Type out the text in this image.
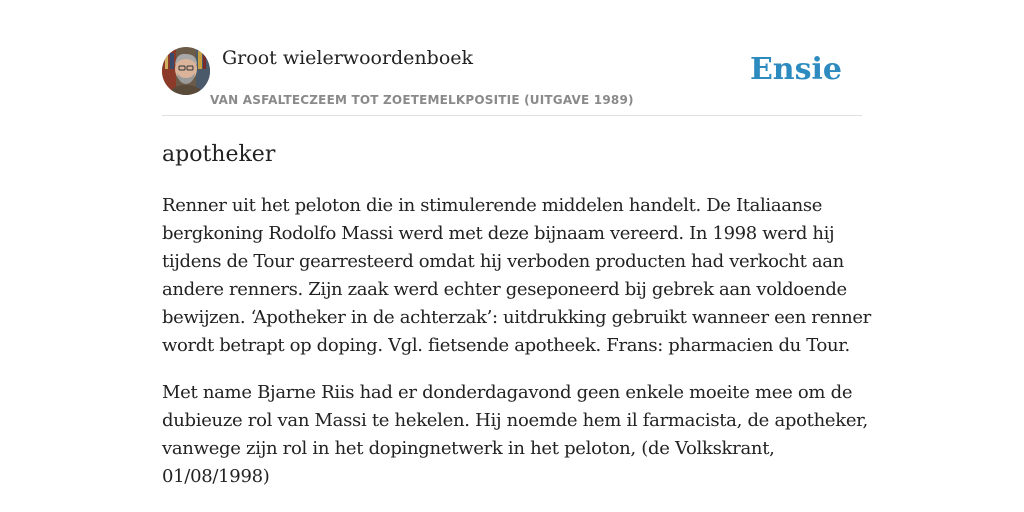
Groot wielerwoordenboek
VAN ASFALTECZEEM TOT ZOETEMELKPOSITIE (UITGAVE 1989)
Ensie
apotheker

Renner uit het peloton die in stimulerende middelen handelt. De Italiaanse
bergkoning Rodolfo Massi werd met deze bijnaam vereerd. In 1998 werd hij
tijdens de Tour gearresteerd omdat hij verboden producten had verkocht aan
andere renners. Zijn zaak werd echter geseponeerd bij gebrek aan voldoende
bewijzen. ‘Apotheker in de achterzak’: uitdrukking gebruikt wanneer een renner
wordt betrapt op doping. Vgl. fietsende apotheek. Frans: pharmacien du Tour.

Met name Bjarne Riis had er donderdagavond geen enkele moeite mee om de
dubieuze rol van Massi te hekelen. Hij noemde hem il farmacista, de apotheker,
vanwege zijn rol in het dopingnetwerk in het peloton, (de Volkskrant,
01/08/1998)
